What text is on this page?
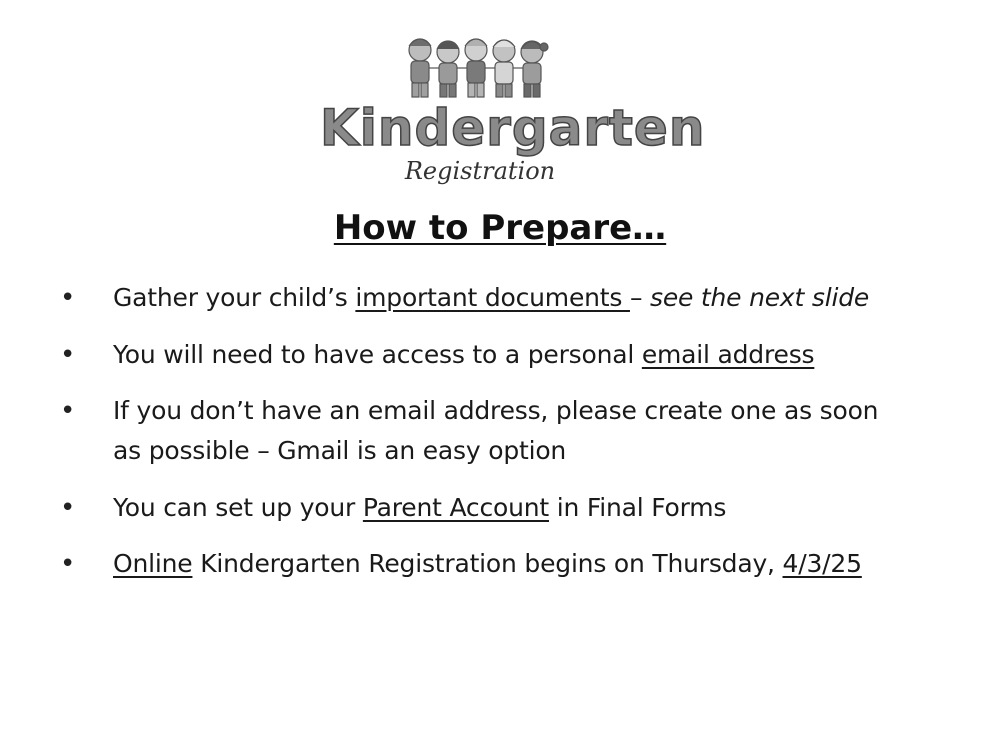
Kindergarten
Registration
How to Prepare…
• Gather your child’s important documents – see the next slide
• You will need to have access to a personal email address
• If you don’t have an email address, please create one as soon as possible – Gmail is an easy option
• You can set up your Parent Account in Final Forms
• Online Kindergarten Registration begins on Thursday, 4/3/25
